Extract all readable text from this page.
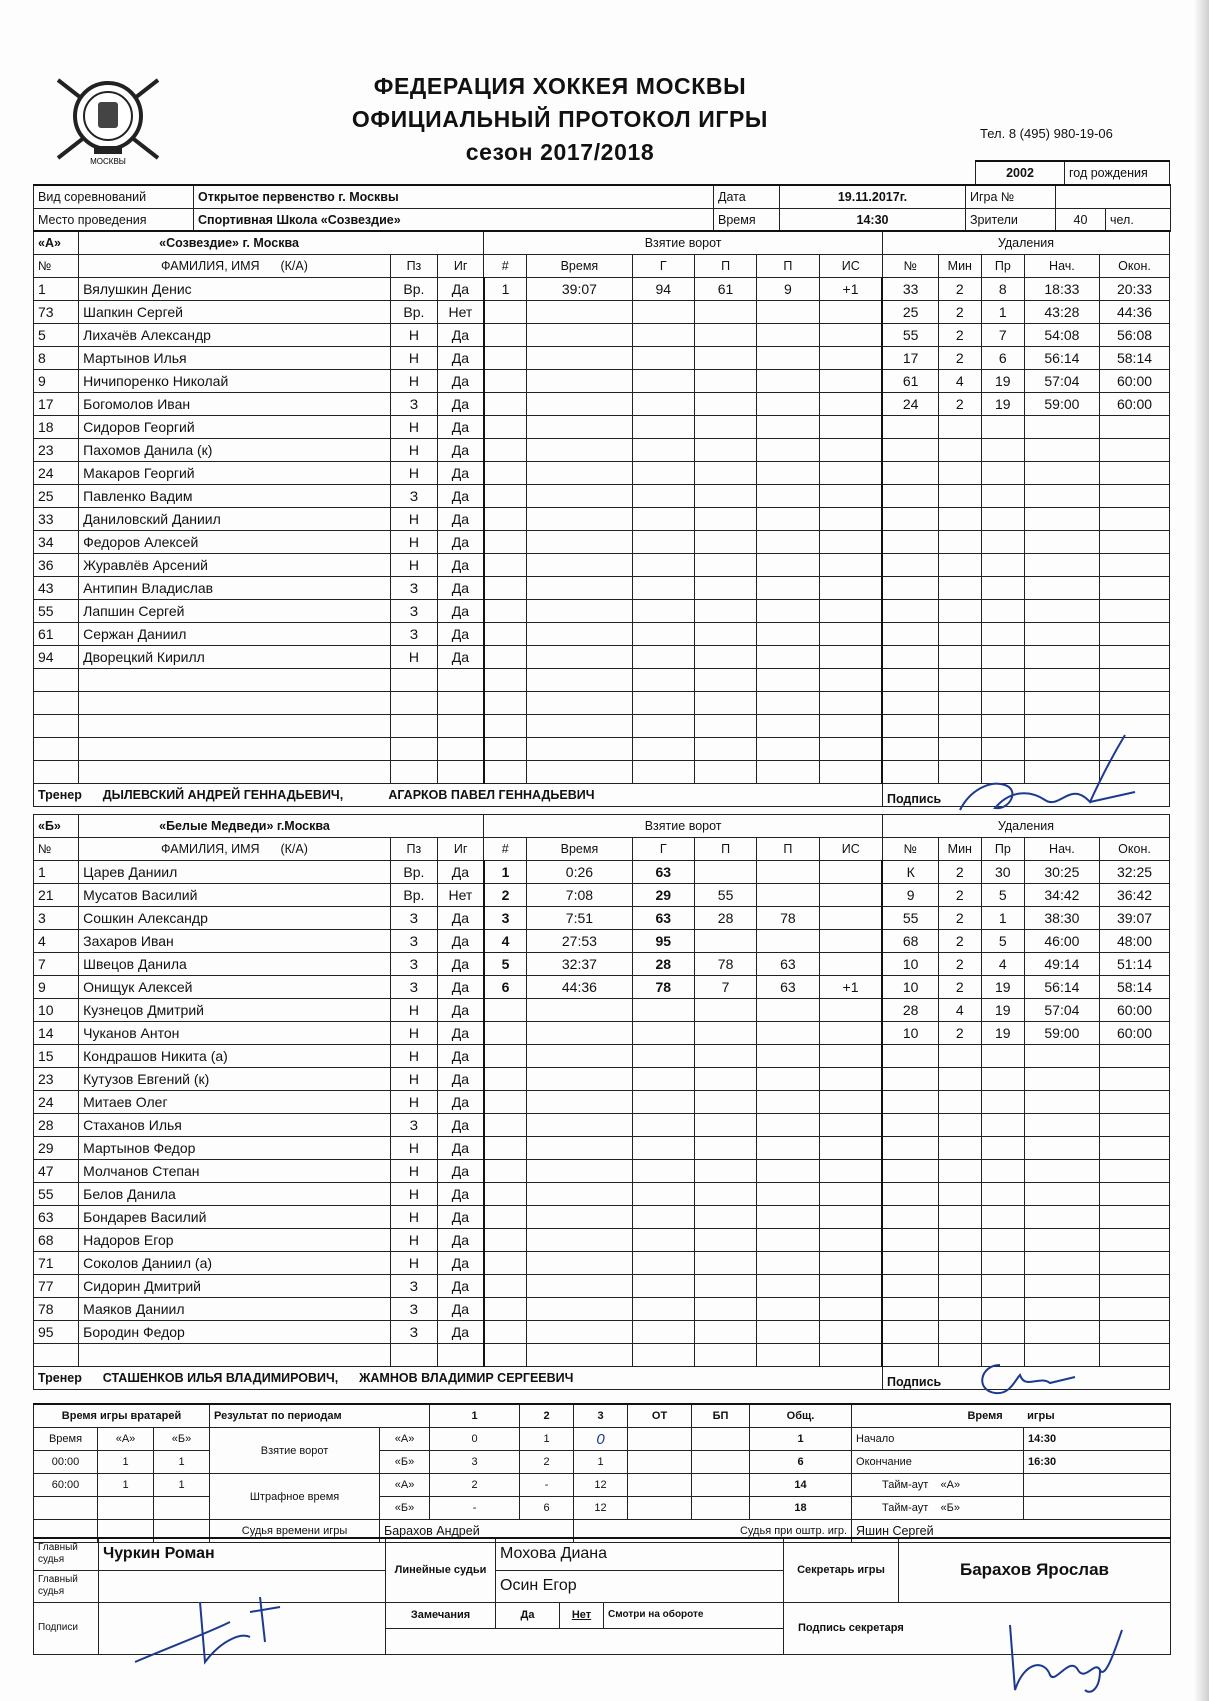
МОСКВЫ
ФЕДЕРАЦИЯ ХОККЕЯ МОСКВЫ
ОФИЦИАЛЬНЫЙ ПРОТОКОЛ ИГРЫ
сезон 2017/2018
Тел. 8 (495) 980-19-06
2002	год рождения
Вид соревнований	Открытое первенство г. Москвы	Дата	19.11.2017г.	Игра №		
Место проведения	Спортивная Школа «Созвездие»	Время	14:30	Зрители	40	чел.
«А»	«Созвездие» г. Москва			Взятие ворот						Удаления				
№	ФАМИЛИЯ, ИМЯ (К/А)	Пз	Иг	#	Время	Г	П	П	ИС	№	Мин	Пр	Нач.	Окон.
1	Вялушкин Денис	Вр.	Да	1	39:07	94	61	9	+1	33	2	8	18:33	20:33
73	Шапкин Сергей	Вр.	Нет							25	2	1	43:28	44:36
5	Лихачёв Александр	Н	Да							55	2	7	54:08	56:08
8	Мартынов Илья	Н	Да							17	2	6	56:14	58:14
9	Ничипоренко Николай	Н	Да							61	4	19	57:04	60:00
17	Богомолов Иван	З	Да							24	2	19	59:00	60:00
18	Сидоров Георгий	Н	Да											
23	Пахомов Данила (к)	Н	Да											
24	Макаров Георгий	Н	Да											
25	Павленко Вадим	З	Да											
33	Даниловский Даниил	Н	Да											
34	Федоров Алексей	Н	Да											
36	Журавлёв Арсений	Н	Да											
43	Антипин Владислав	З	Да											
55	Лапшин Сергей	З	Да											
61	Сержан Даниил	З	Да											
94	Дворецкий Кирилл	Н	Да											

Тренер ДЫЛЕВСКИЙ АНДРЕЙ ГЕННАДЬЕВИЧ, АГАРКОВ ПАВЕЛ ГЕННАДЬЕВИЧ										Подпись				
«Б»	«Белые Медведи» г.Москва			Взятие ворот						Удаления				
№	ФАМИЛИЯ, ИМЯ (К/А)	Пз	Иг	#	Время	Г	П	П	ИС	№	Мин	Пр	Нач.	Окон.
1	Царев Даниил	Вр.	Да	1	0:26	63				К	2	30	30:25	32:25
21	Мусатов Василий	Вр.	Нет	2	7:08	29	55			9	2	5	34:42	36:42
3	Сошкин Александр	З	Да	3	7:51	63	28	78		55	2	1	38:30	39:07
4	Захаров Иван	З	Да	4	27:53	95				68	2	5	46:00	48:00
7	Швецов Данила	З	Да	5	32:37	28	78	63		10	2	4	49:14	51:14
9	Онищук Алексей	З	Да	6	44:36	78	7	63	+1	10	2	19	56:14	58:14
10	Кузнецов Дмитрий	Н	Да							28	4	19	57:04	60:00
14	Чуканов Антон	Н	Да							10	2	19	59:00	60:00
15	Кондрашов Никита (а)	Н	Да											
23	Кутузов Евгений (к)	Н	Да											
24	Митаев Олег	Н	Да											
28	Стаханов Илья	З	Да											
29	Мартынов Федор	Н	Да											
47	Молчанов Степан	Н	Да											
55	Белов Данила	Н	Да											
63	Бондарев Василий	Н	Да											
68	Надоров Егор	Н	Да											
71	Соколов Даниил (а)	Н	Да											
77	Сидорин Дмитрий	З	Да											
78	Маяков Даниил	З	Да											
95	Бородин Федор	З	Да											

Тренер СТАШЕНКОВ ИЛЬЯ ВЛАДИМИРОВИЧ, ЖАМНОВ ВЛАДИМИР СЕРГЕЕВИЧ										Подпись				
Время игры вратарей			Результат по периодам		1	2	3	ОТ	БП	Общ.	Время игры	
Время	«А»	«Б»	Взятие ворот	«А»	0	1	0			1	Начало	14:30
00:00	1	1		«Б»	3	2	1			6	Окончание	16:30
60:00	1	1	Штрафное время	«А»	2	-	12			14	Тайм-аут «А»	
				«Б»	-	6	12			18	Тайм-аут «Б»	
			Судья времени игры	Барахов Андрей			Судья при оштр. игр.				Яшин Сергей	
Главный судья	Чуркин Роман	Линейные судьи	Мохова Диана			Секретарь игры	Барахов Ярослав
Главный судья			Осин Егор				
Подписи		Замечания	Да	Нет	Смотри на обороте	Подпись секретаря	
